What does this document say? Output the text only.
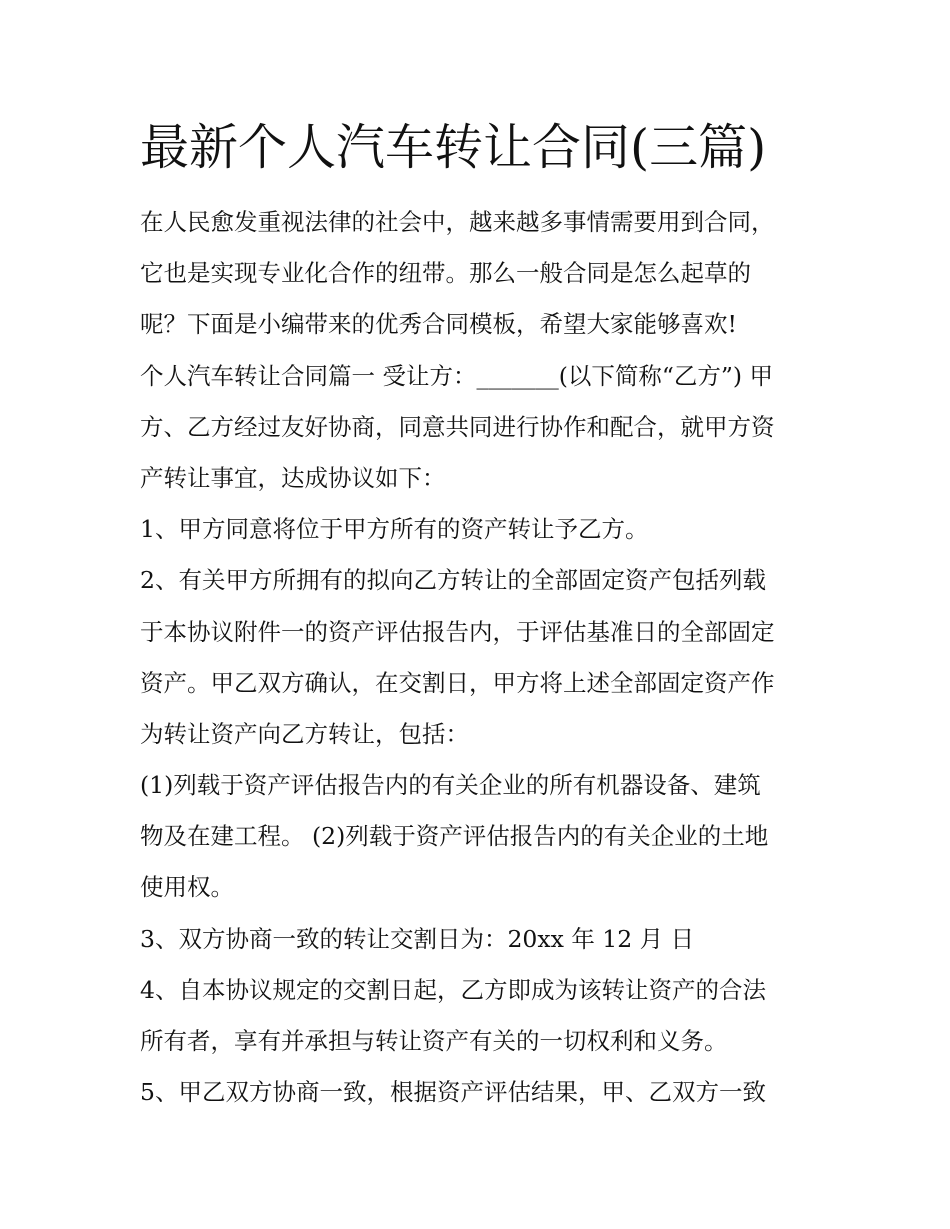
最新个人汽车转让合同(三篇)

在人民愈发重视法律的社会中，越来越多事情需要用到合同，

它也是实现专业化合作的纽带。那么一般合同是怎么起草的

呢？下面是小编带来的优秀合同模板，希望大家能够喜欢!

个人汽车转让合同篇一 受让方：_______(以下简称“乙方”) 甲

方、乙方经过友好协商，同意共同进行协作和配合，就甲方资

产转让事宜，达成协议如下：

1、甲方同意将位于甲方所有的资产转让予乙方。

2、有关甲方所拥有的拟向乙方转让的全部固定资产包括列载

于本协议附件一的资产评估报告内，于评估基准日的全部固定

资产。甲乙双方确认，在交割日，甲方将上述全部固定资产作

为转让资产向乙方转让，包括：

(1)列载于资产评估报告内的有关企业的所有机器设备、建筑

物及在建工程。 (2)列载于资产评估报告内的有关企业的土地

使用权。

3、双方协商一致的转让交割日为：20xx 年 12 月 日

4、自本协议规定的交割日起，乙方即成为该转让资产的合法

所有者，享有并承担与转让资产有关的一切权利和义务。

5、甲乙双方协商一致，根据资产评估结果，甲、乙双方一致
